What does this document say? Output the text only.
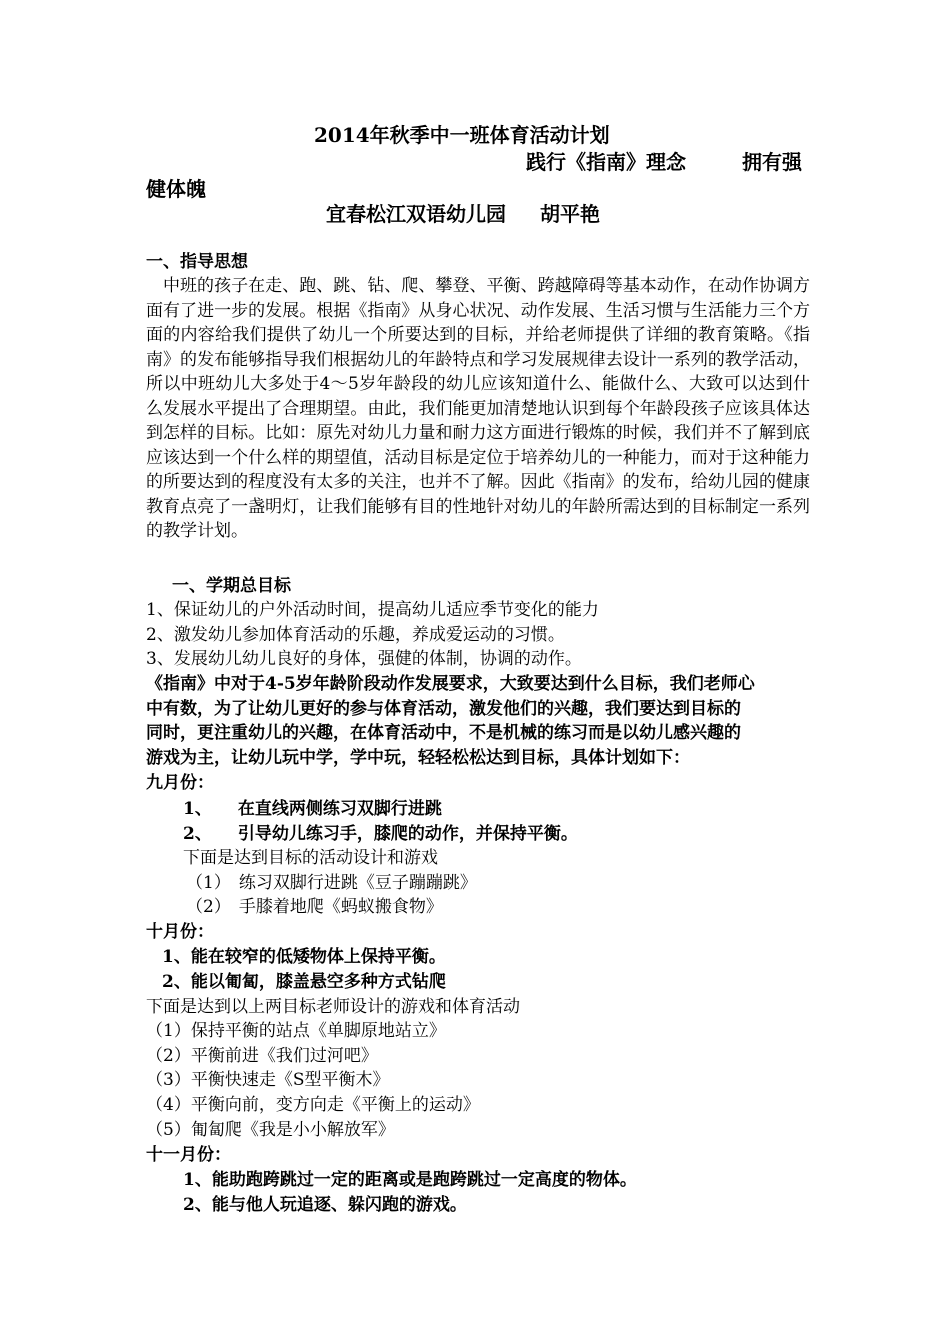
2014年秋季中一班体育活动计划
践行《指南》理念	拥有强
健体魄
宜春松江双语幼儿园 胡平艳
一、指导思想
中班的孩子在走、跑、跳、钻、爬、攀登、平衡、跨越障碍等基本动作，在动作协调方面有了进一步的发展。根据《指南》从身心状况、动作发展、生活习惯与生活能力三个方面的内容给我们提供了幼儿一个所要达到的目标，并给老师提供了详细的教育策略。《指南》的发布能够指导我们根据幼儿的年龄特点和学习发展规律去设计一系列的教学活动，所以中班幼儿大多处于4～5岁年龄段的幼儿应该知道什么、能做什么、大致可以达到什么发展水平提出了合理期望。由此，我们能更加清楚地认识到每个年龄段孩子应该具体达到怎样的目标。比如：原先对幼儿力量和耐力这方面进行锻炼的时候，我们并不了解到底应该达到一个什么样的期望值，活动目标是定位于培养幼儿的一种能力，而对于这种能力的所要达到的程度没有太多的关注，也并不了解。因此《指南》的发布，给幼儿园的健康教育点亮了一盏明灯，让我们能够有目的性地针对幼儿的年龄所需达到的目标制定一系列的教学计划。
一、学期总目标
1、保证幼儿的户外活动时间，提高幼儿适应季节变化的能力
2、激发幼儿参加体育活动的乐趣，养成爱运动的习惯。
3、发展幼儿幼儿良好的身体，强健的体制，协调的动作。
《指南》中对于4-5岁年龄阶段动作发展要求，大致要达到什么目标，我们老师心
中有数，为了让幼儿更好的参与体育活动，激发他们的兴趣，我们要达到目标的
同时，更注重幼儿的兴趣，在体育活动中，不是机械的练习而是以幼儿感兴趣的
游戏为主，让幼儿玩中学，学中玩，轻轻松松达到目标，具体计划如下：
九月份：
1、 在直线两侧练习双脚行进跳
2、 引导幼儿练习手，膝爬的动作，并保持平衡。
下面是达到目标的活动设计和游戏
（1） 练习双脚行进跳《豆子蹦蹦跳》
（2） 手膝着地爬《蚂蚁搬食物》
十月份：
1、能在较窄的低矮物体上保持平衡。
2、能以匍匐，膝盖悬空多种方式钻爬
下面是达到以上两目标老师设计的游戏和体育活动
（1）保持平衡的站点《单脚原地站立》
（2）平衡前进《我们过河吧》
（3）平衡快速走《S型平衡木》
（4）平衡向前，变方向走《平衡上的运动》
（5）匍匐爬《我是小小解放军》
十一月份：
1、能助跑跨跳过一定的距离或是跑跨跳过一定高度的物体。
2、能与他人玩追逐、躲闪跑的游戏。
